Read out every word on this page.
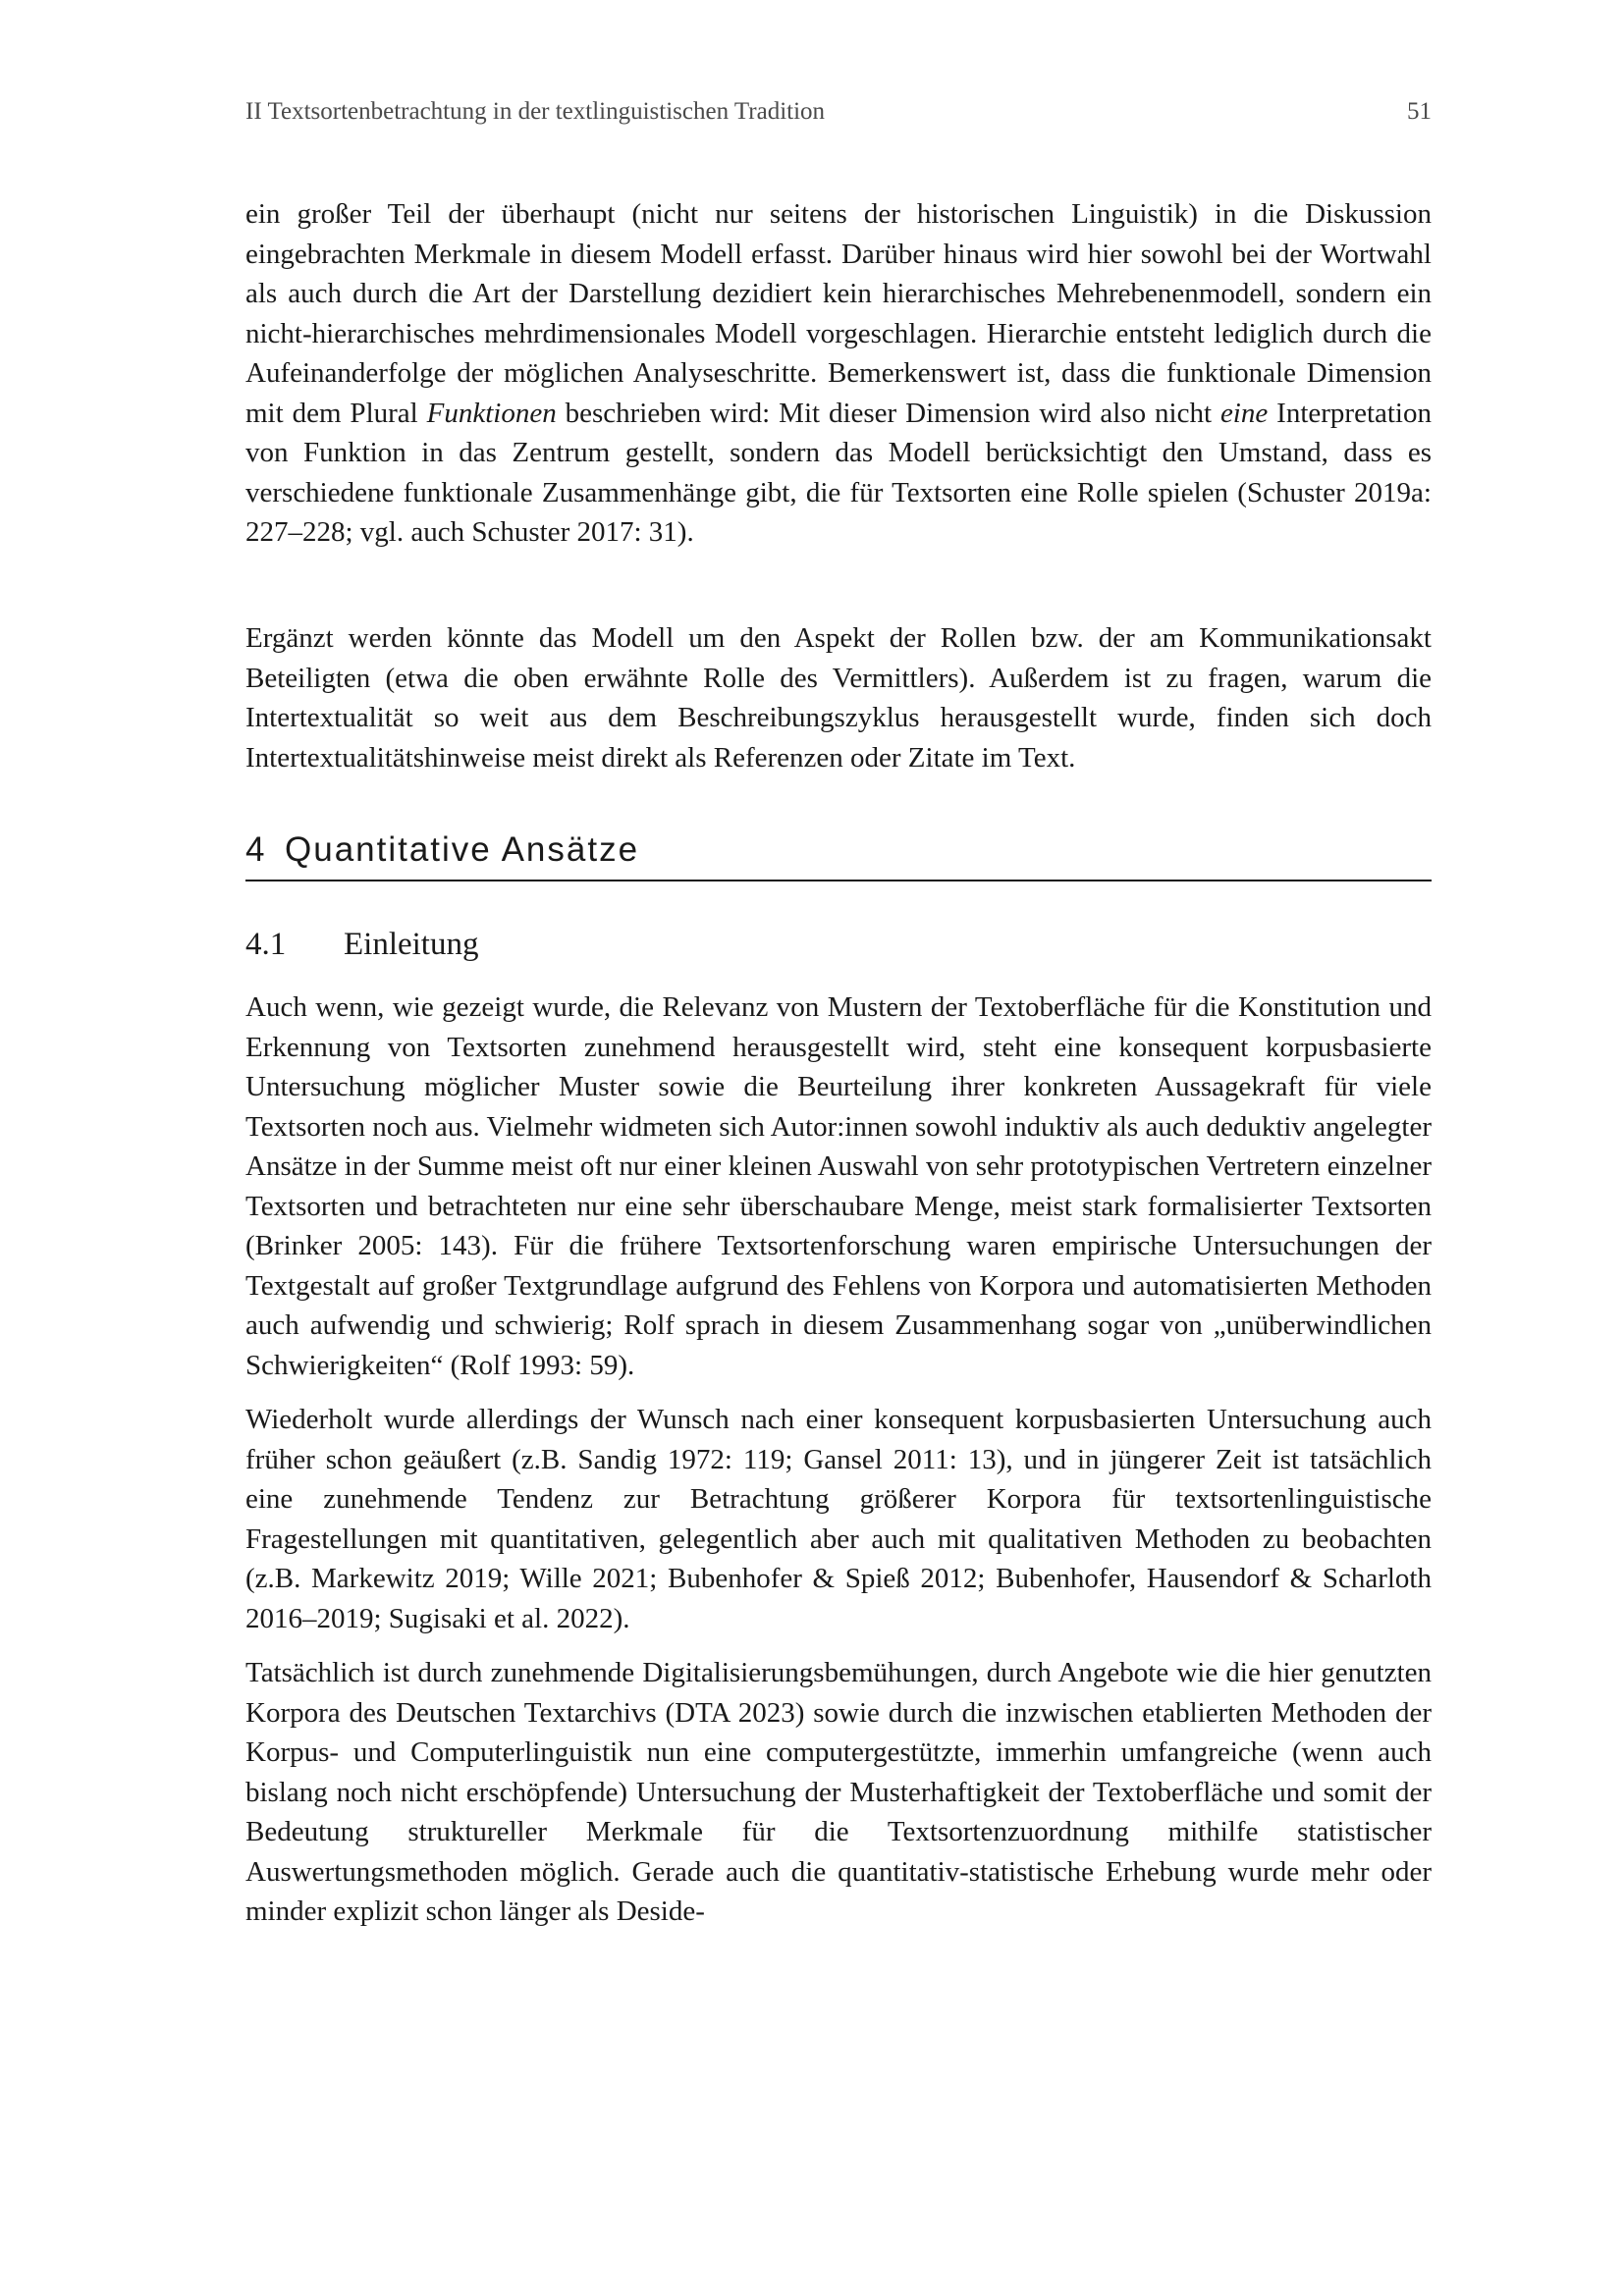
II Textsortenbetrachtung in der textlinguistischen Tradition	51

ein großer Teil der überhaupt (nicht nur seitens der historischen Linguistik) in die Diskussion eingebrachten Merkmale in diesem Modell erfasst. Darüber hinaus wird hier sowohl bei der Wortwahl als auch durch die Art der Darstellung dezidiert kein hierarchisches Mehrebenenmodell, sondern ein nicht-hierarchisches mehrdimensionales Modell vorgeschlagen. Hierarchie entsteht lediglich durch die Aufeinanderfolge der möglichen Analyseschritte. Bemerkenswert ist, dass die funktionale Dimension mit dem Plural Funktionen beschrieben wird: Mit dieser Dimension wird also nicht eine Interpretation von Funktion in das Zentrum gestellt, sondern das Modell berücksichtigt den Umstand, dass es verschiedene funktionale Zusammenhänge gibt, die für Textsorten eine Rolle spielen (Schuster 2019a: 227–228; vgl. auch Schuster 2017: 31).

Ergänzt werden könnte das Modell um den Aspekt der Rollen bzw. der am Kommunikationsakt Beteiligten (etwa die oben erwähnte Rolle des Vermittlers). Außerdem ist zu fragen, warum die Intertextualität so weit aus dem Beschreibungszyklus herausgestellt wurde, finden sich doch Intertextualitätshinweise meist direkt als Referenzen oder Zitate im Text.

4 Quantitative Ansätze
4.1 Einleitung

Auch wenn, wie gezeigt wurde, die Relevanz von Mustern der Textoberfläche für die Konstitution und Erkennung von Textsorten zunehmend herausgestellt wird, steht eine konsequent korpusbasierte Untersuchung möglicher Muster sowie die Beurteilung ihrer konkreten Aussagekraft für viele Textsorten noch aus. Vielmehr widmeten sich Autor:innen sowohl induktiv als auch deduktiv angelegter Ansätze in der Summe meist oft nur einer kleinen Auswahl von sehr prototypischen Vertretern einzelner Textsorten und betrachteten nur eine sehr überschaubare Menge, meist stark formalisierter Textsorten (Brinker 2005: 143). Für die frühere Textsortenforschung waren empirische Untersuchungen der Textgestalt auf großer Textgrundlage aufgrund des Fehlens von Korpora und automatisierten Methoden auch aufwendig und schwierig; Rolf sprach in diesem Zusammenhang sogar von „unüberwindlichen Schwierigkeiten“ (Rolf 1993: 59).

Wiederholt wurde allerdings der Wunsch nach einer konsequent korpusbasierten Untersuchung auch früher schon geäußert (z.B. Sandig 1972: 119; Gansel 2011: 13), und in jüngerer Zeit ist tatsächlich eine zunehmende Tendenz zur Betrachtung größerer Korpora für textsortenlinguistische Fragestellungen mit quantitativen, gelegentlich aber auch mit qualitativen Methoden zu beobachten (z.B. Markewitz 2019; Wille 2021; Bubenhofer & Spieß 2012; Bubenhofer, Hausendorf & Scharloth 2016–2019; Sugisaki et al. 2022).

Tatsächlich ist durch zunehmende Digitalisierungsbemühungen, durch Angebote wie die hier genutzten Korpora des Deutschen Textarchivs (DTA 2023) sowie durch die inzwischen etablierten Methoden der Korpus- und Computerlinguistik nun eine computergestützte, immerhin umfangreiche (wenn auch bislang noch nicht erschöpfende) Untersuchung der Musterhaftigkeit der Textoberfläche und somit der Bedeutung struktureller Merkmale für die Textsortenzuordnung mithilfe statistischer Auswertungsmethoden möglich. Gerade auch die quantitativ-statistische Erhebung wurde mehr oder minder explizit schon länger als Deside-
